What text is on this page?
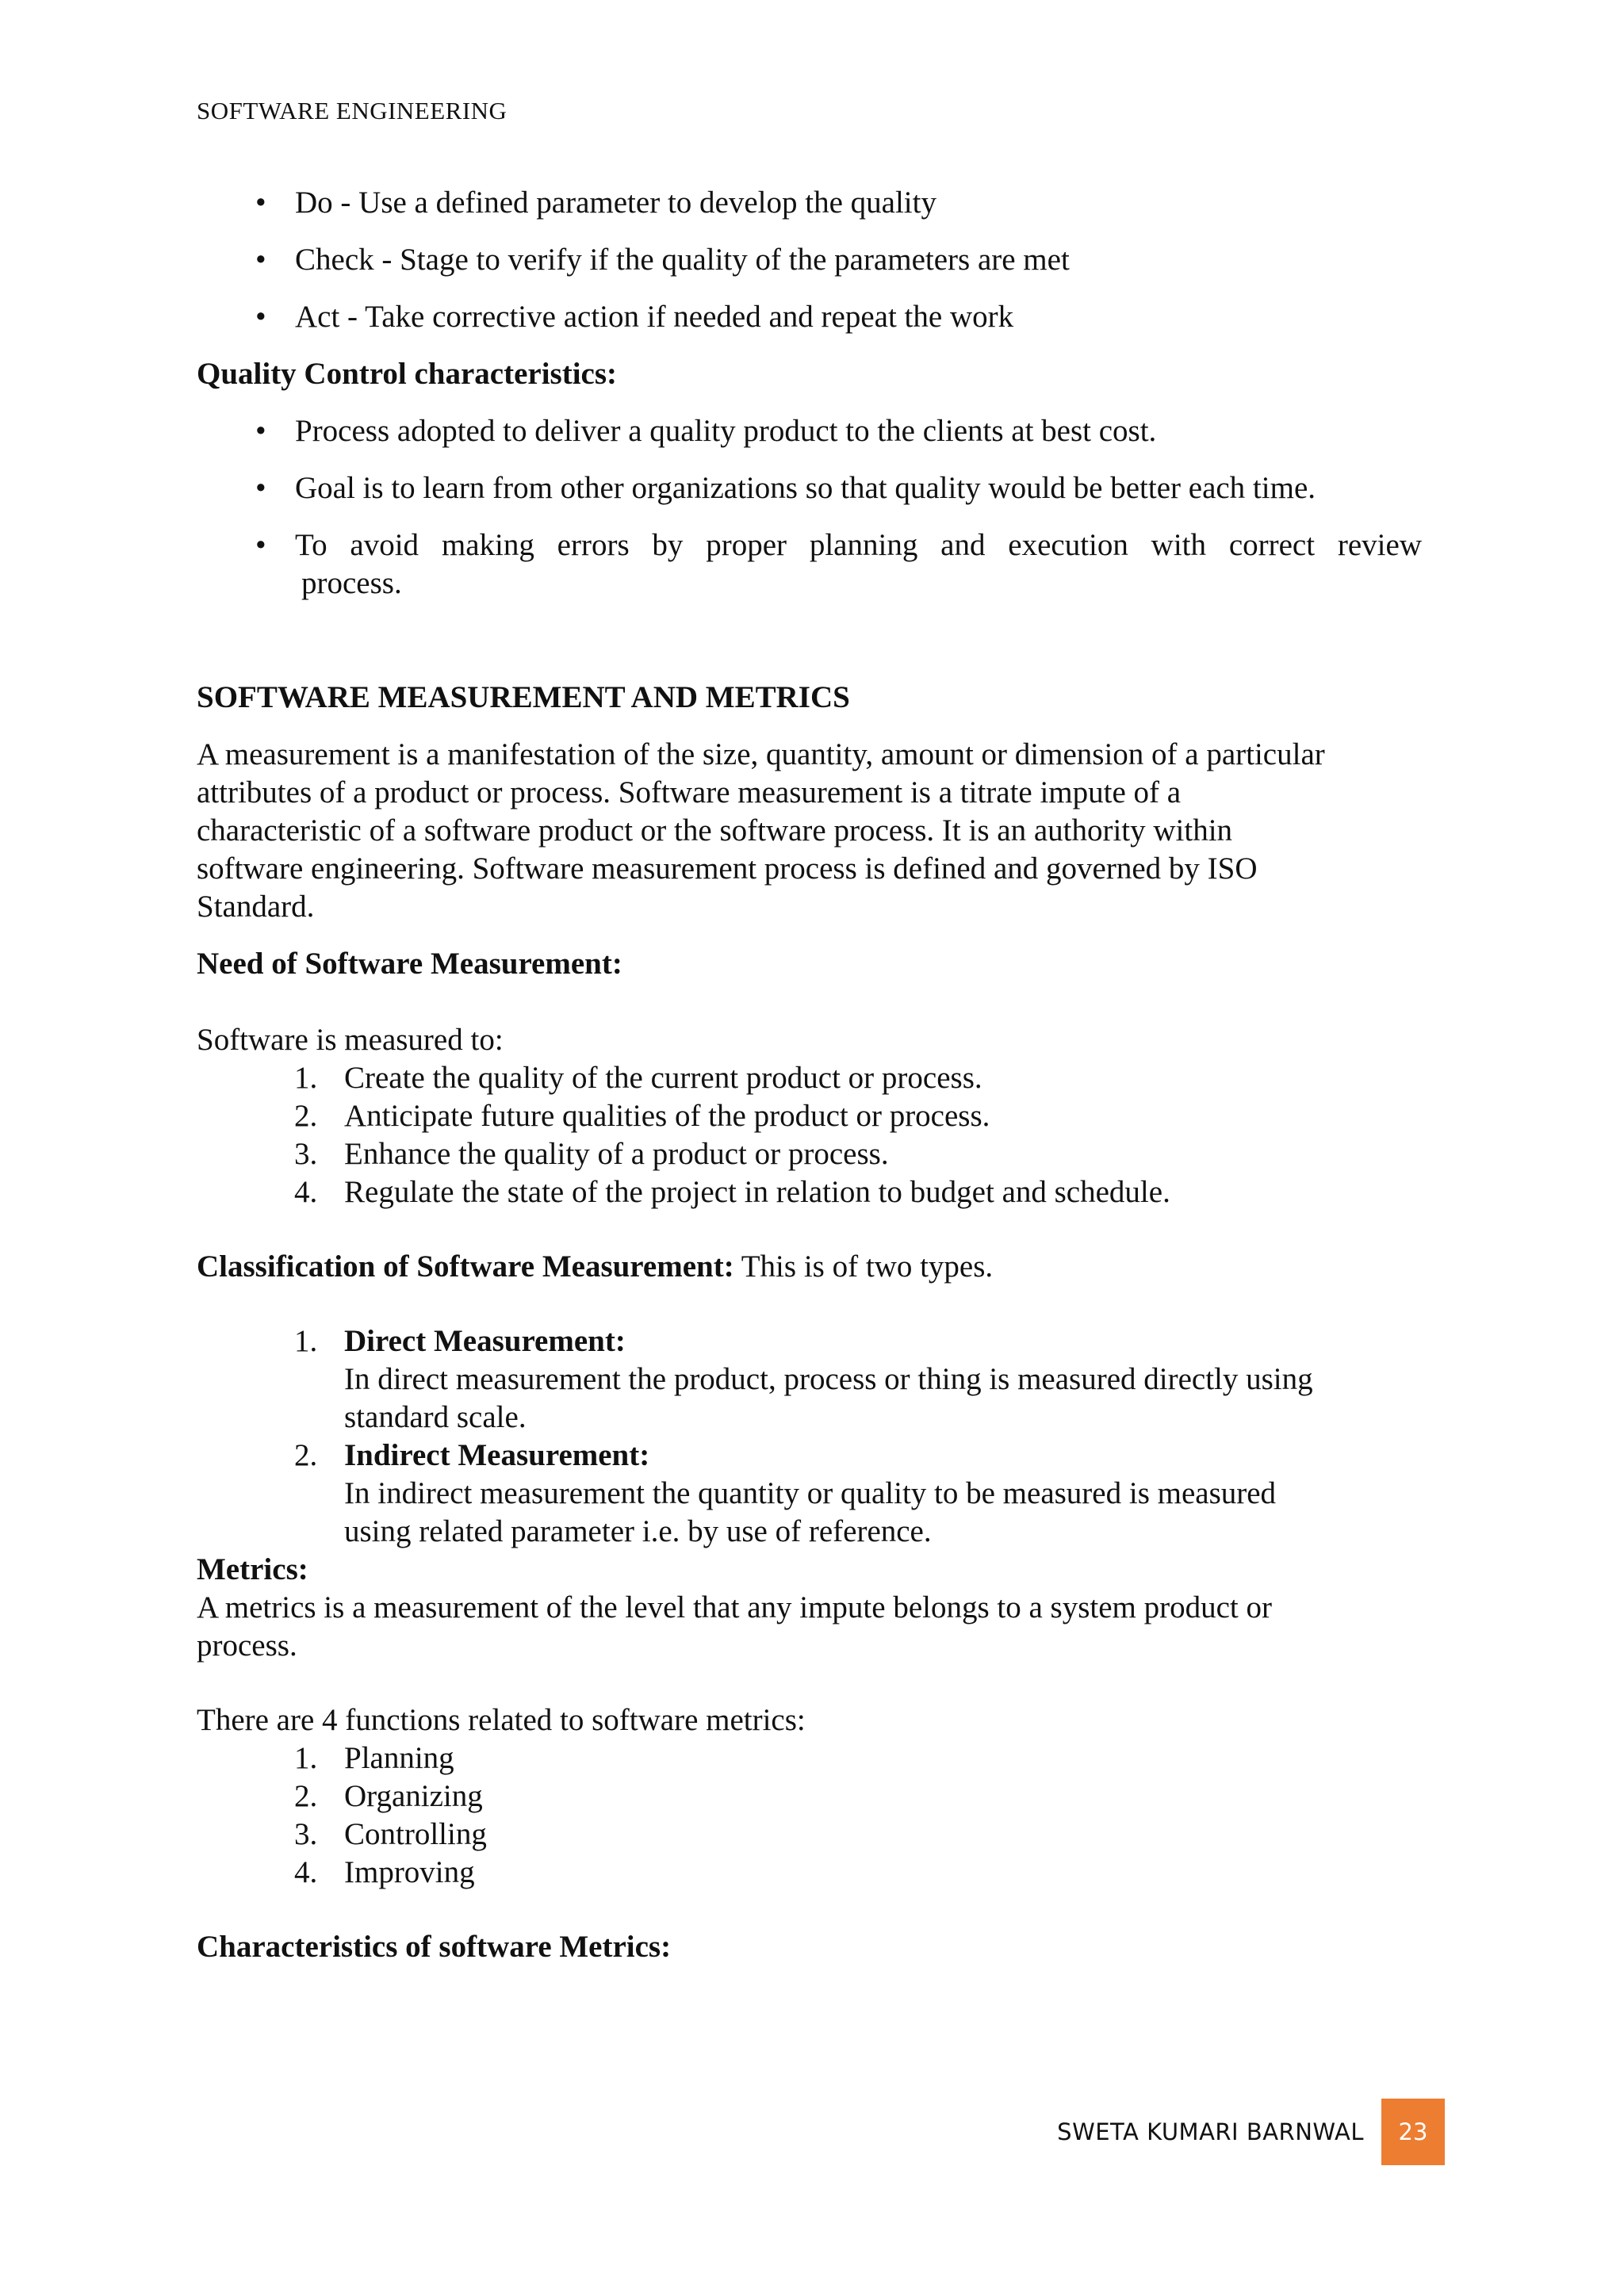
SOFTWARE ENGINEERING
• Do - Use a defined parameter to develop the quality
• Check - Stage to verify if the quality of the parameters are met
• Act - Take corrective action if needed and repeat the work

Quality Control characteristics:

• Process adopted to deliver a quality product to the clients at best cost.
• Goal is to learn from other organizations so that quality would be better each time.
• To avoid making errors by proper planning and execution with correct review
process.

SOFTWARE MEASUREMENT AND METRICS

A measurement is a manifestation of the size, quantity, amount or dimension of a particular
attributes of a product or process. Software measurement is a titrate impute of a
characteristic of a software product or the software process. It is an authority within
software engineering. Software measurement process is defined and governed by ISO
Standard.

Need of Software Measurement:

Software is measured to:

1. Create the quality of the current product or process.
2. Anticipate future qualities of the product or process.
3. Enhance the quality of a product or process.
4. Regulate the state of the project in relation to budget and schedule.

Classification of Software Measurement: This is of two types.

1. Direct Measurement:
In direct measurement the product, process or thing is measured directly using
standard scale.
2. Indirect Measurement:
In indirect measurement the quantity or quality to be measured is measured
using related parameter i.e. by use of reference.

Metrics:

A metrics is a measurement of the level that any impute belongs to a system product or
process.

There are 4 functions related to software metrics:

1. Planning
2. Organizing
3. Controlling
4. Improving

Characteristics of software Metrics:

SWETA KUMARI BARNWAL	23
